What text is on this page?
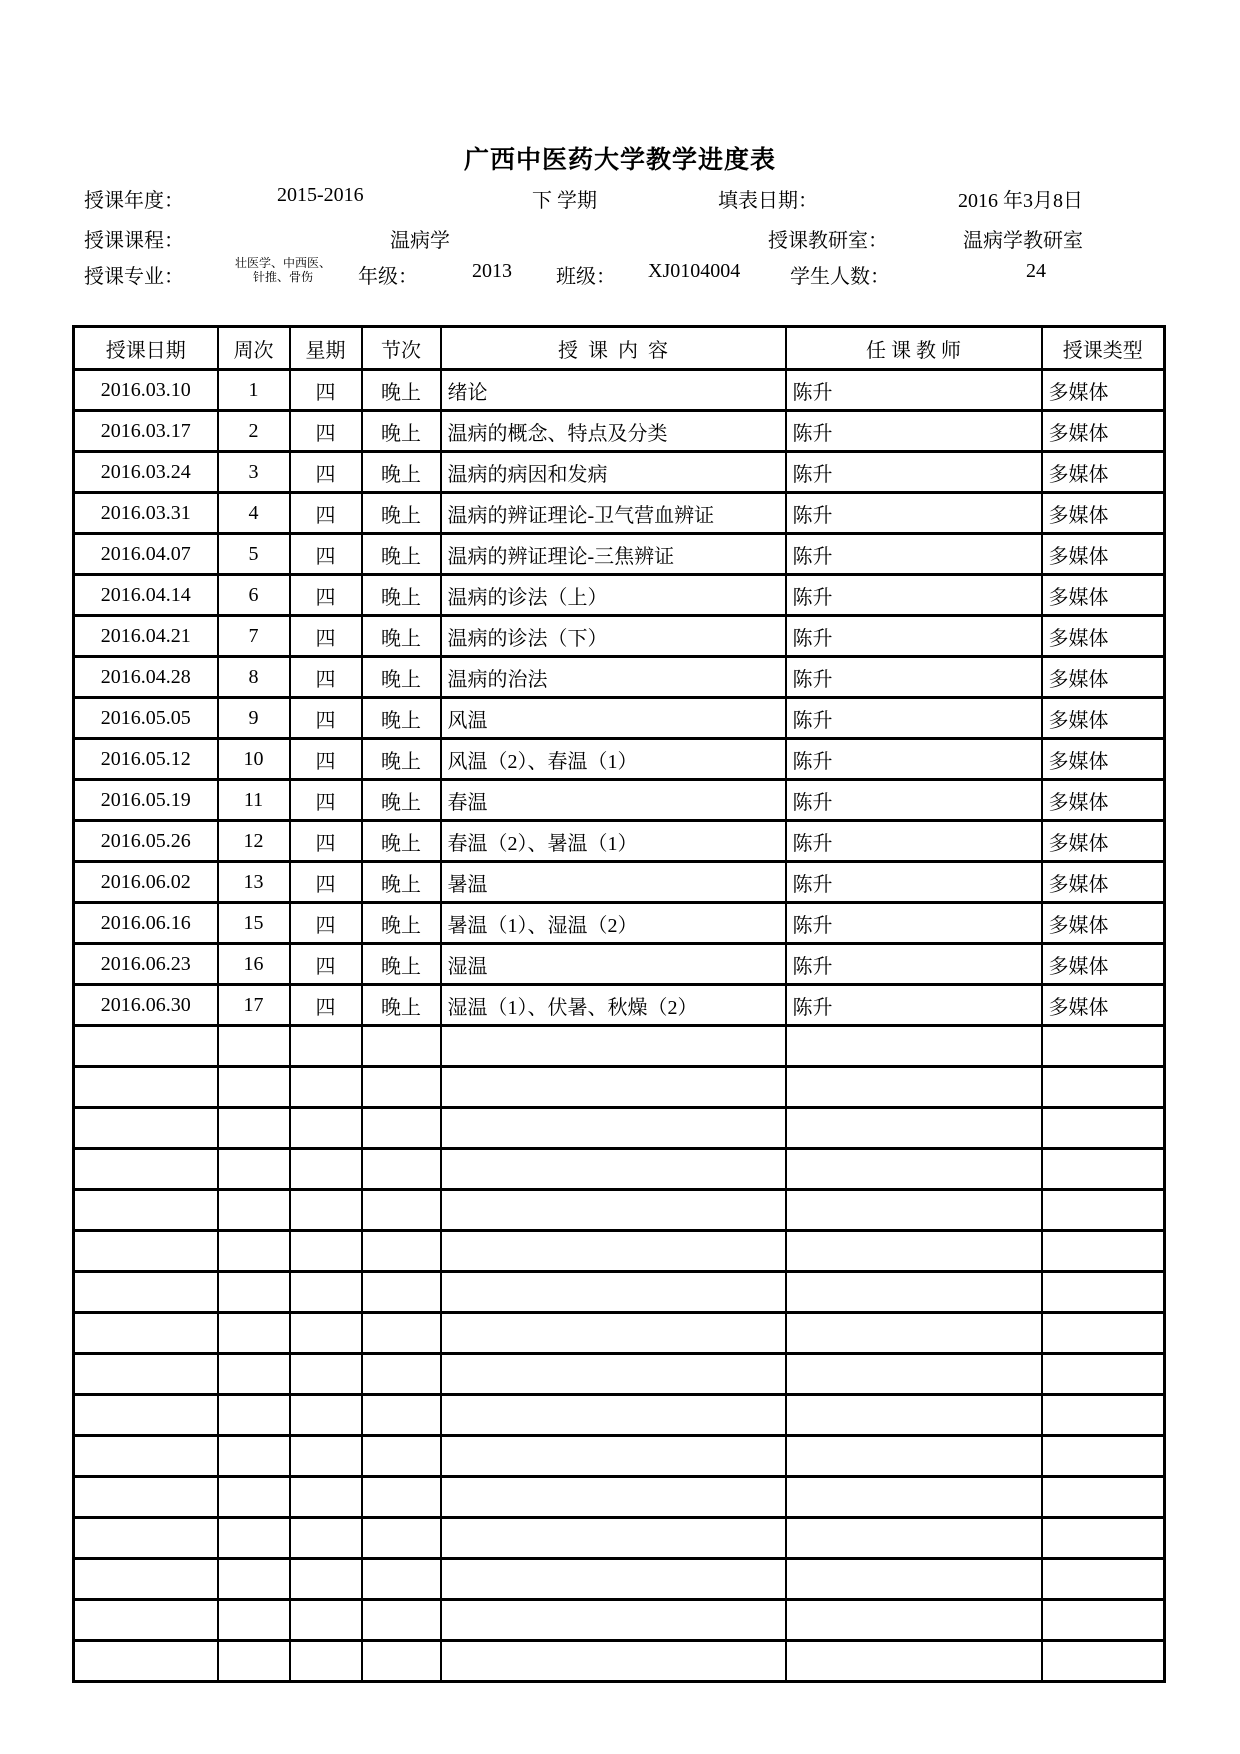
广西中医药大学教学进度表
授课年度：	2015-2016	下 学期	填表日期：	2016 年3月8日
授课课程：	温病学	授课教研室：	温病学教研室
授课专业：
壮医学、中西医、
针推、骨伤	年级：	2013 班级： XJ0104004 学生人数：	24
授课日期	周次	星期	节次	授  课  内  容	任 课 教 师	授课类型
2016.03.10	1	四	晚上	绪论	陈升	多媒体
2016.03.17	2	四	晚上	温病的概念、特点及分类	陈升	多媒体
2016.03.24	3	四	晚上	温病的病因和发病	陈升	多媒体
2016.03.31	4	四	晚上	温病的辨证理论-卫气营血辨证	陈升	多媒体
2016.04.07	5	四	晚上	温病的辨证理论-三焦辨证	陈升	多媒体
2016.04.14	6	四	晚上	温病的诊法（上）	陈升	多媒体
2016.04.21	7	四	晚上	温病的诊法（下）	陈升	多媒体
2016.04.28	8	四	晚上	温病的治法	陈升	多媒体
2016.05.05	9	四	晚上	风温	陈升	多媒体
2016.05.12	10	四	晚上	风温（2）、春温（1）	陈升	多媒体
2016.05.19	11	四	晚上	春温	陈升	多媒体
2016.05.26	12	四	晚上	春温（2）、暑温（1）	陈升	多媒体
2016.06.02	13	四	晚上	暑温	陈升	多媒体
2016.06.16	15	四	晚上	暑温（1）、湿温（2）	陈升	多媒体
2016.06.23	16	四	晚上	湿温	陈升	多媒体
2016.06.30	17	四	晚上	湿温（1）、伏暑、秋燥（2）	陈升	多媒体
